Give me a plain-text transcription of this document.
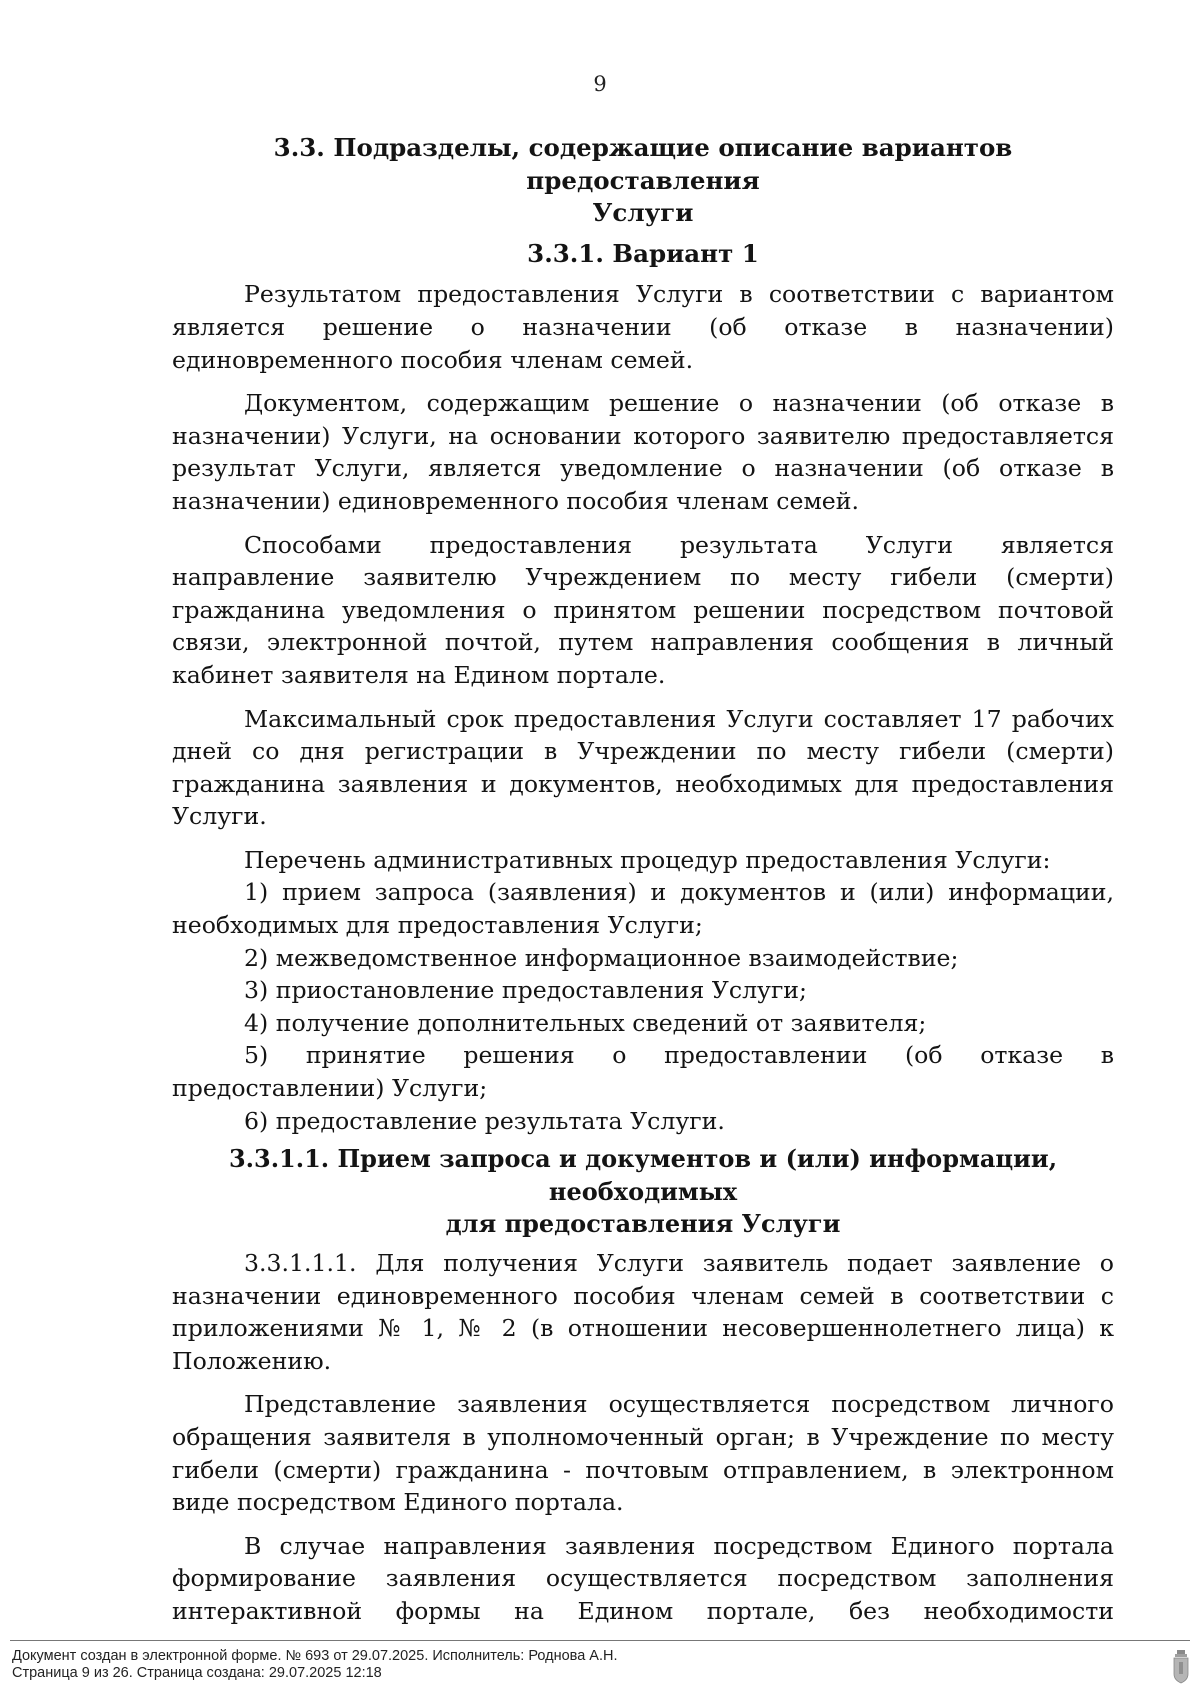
9
3.3. Подразделы, содержащие описание вариантов предоставления
Услуги
3.3.1. Вариант 1

Результатом предоставления Услуги в соответствии с вариантом является решение о назначении (об отказе в назначении) единовременного пособия членам семей.

Документом, содержащим решение о назначении (об отказе в назначении) Услуги, на основании которого заявителю предоставляется результат Услуги, является уведомление о назначении (об отказе в назначении) единовременного пособия членам семей.

Способами предоставления результата Услуги является направление заявителю Учреждением по месту гибели (смерти) гражданина уведомления о принятом решении посредством почтовой связи, электронной почтой, путем направления сообщения в личный кабинет заявителя на Едином портале.

Максимальный срок предоставления Услуги составляет 17 рабочих дней со дня регистрации в Учреждении по месту гибели (смерти) гражданина заявления и документов, необходимых для предоставления Услуги.

Перечень административных процедур предоставления Услуги:

1) прием запроса (заявления) и документов и (или) информации, необходимых для предоставления Услуги;

2) межведомственное информационное взаимодействие;

3) приостановление предоставления Услуги;

4) получение дополнительных сведений от заявителя;

5) принятие решения о предоставлении (об отказе в предоставлении) Услуги;

6) предоставление результата Услуги.

3.3.1.1. Прием запроса и документов и (или) информации, необходимых
для предоставления Услуги

3.3.1.1.1. Для получения Услуги заявитель подает заявление о назначении единовременного пособия членам семей в соответствии с приложениями № 1, № 2 (в отношении несовершеннолетнего лица) к Положению.

Представление заявления осуществляется посредством личного обращения заявителя в уполномоченный орган; в Учреждение по месту гибели (смерти) гражданина - почтовым отправлением, в электронном виде посредством Единого портала.

В случае направления заявления посредством Единого портала формирование заявления осуществляется посредством заполнения интерактивной формы на Едином портале, без необходимости

Документ создан в электронной форме. № 693 от 29.07.2025. Исполнитель: Роднова А.Н.
Страница 9 из 26. Страница создана: 29.07.2025 12:18
